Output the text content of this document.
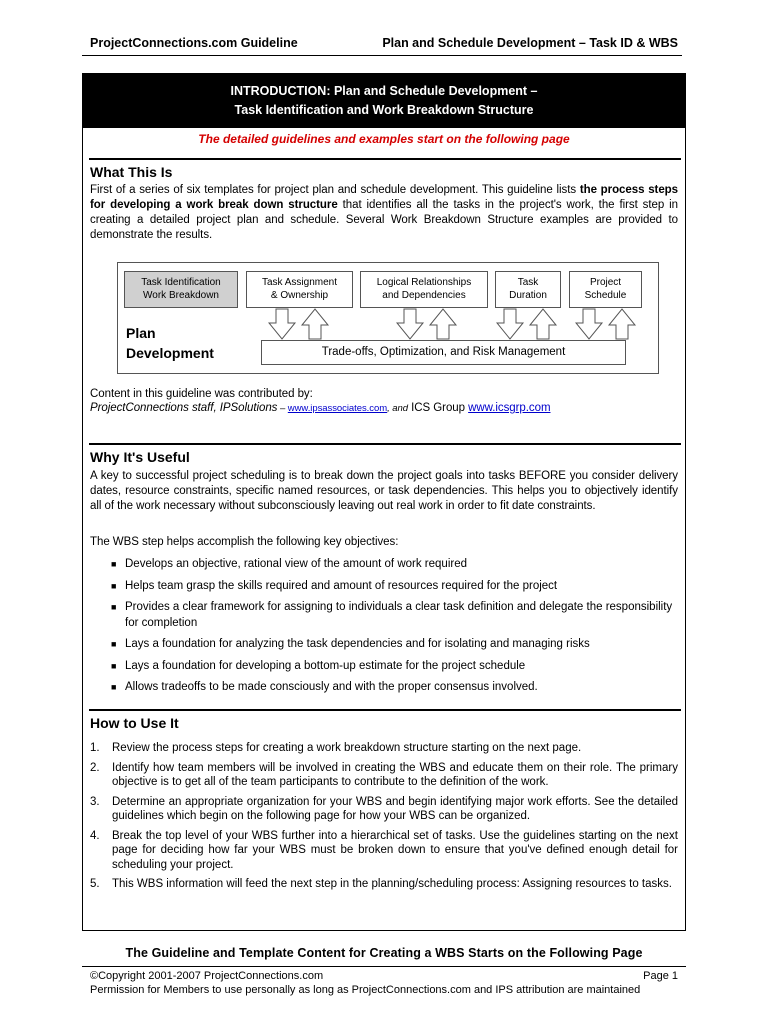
ProjectConnections.com Guideline	Plan and Schedule Development – Task ID & WBS
INTRODUCTION: Plan and Schedule Development –
Task Identification and Work Breakdown Structure
The detailed guidelines and examples start on the following page
What This Is
First of a series of six templates for project plan and schedule development. This guideline lists the process steps for developing a work break down structure that identifies all the tasks in the project's work, the first step in creating a detailed project plan and schedule. Several Work Breakdown Structure examples are provided to demonstrate the results.
Task Identification
Work Breakdown
Task Assignment
& Ownership
Logical Relationships
and Dependencies
Task
Duration
Project
Schedule
Plan
Development	Trade-offs, Optimization, and Risk Management
Content in this guideline was contributed by:
ProjectConnections staff, IPSolutions – www.ipsassociates.com, and ICS Group www.icsgrp.com
Why It's Useful
A key to successful project scheduling is to break down the project goals into tasks BEFORE you consider delivery dates, resource constraints, specific named resources, or task dependencies. This helps you to objectively identify all of the work necessary without subconsciously leaving out real work in order to fit date constraints.
The WBS step helps accomplish the following key objectives:
■ Develops an objective, rational view of the amount of work required
■ Helps team grasp the skills required and amount of resources required for the project
■ Provides a clear framework for assigning to individuals a clear task definition and delegate the responsibility for completion
■ Lays a foundation for analyzing the task dependencies and for isolating and managing risks
■ Lays a foundation for developing a bottom-up estimate for the project schedule
■ Allows tradeoffs to be made consciously and with the proper consensus involved.
How to Use It
1. Review the process steps for creating a work breakdown structure starting on the next page.
2. Identify how team members will be involved in creating the WBS and educate them on their role. The primary objective is to get all of the team participants to contribute to the definition of the work.
3. Determine an appropriate organization for your WBS and begin identifying major work efforts. See the detailed guidelines which begin on the following page for how your WBS can be organized.
4. Break the top level of your WBS further into a hierarchical set of tasks. Use the guidelines starting on the next page for deciding how far your WBS must be broken down to ensure that you've defined enough detail for scheduling your project.
5. This WBS information will feed the next step in the planning/scheduling process: Assigning resources to tasks.
The Guideline and Template Content for Creating a WBS Starts on the Following Page
©Copyright 2001-2007 ProjectConnections.com	Page 1
Permission for Members to use personally as long as ProjectConnections.com and IPS attribution are maintained
